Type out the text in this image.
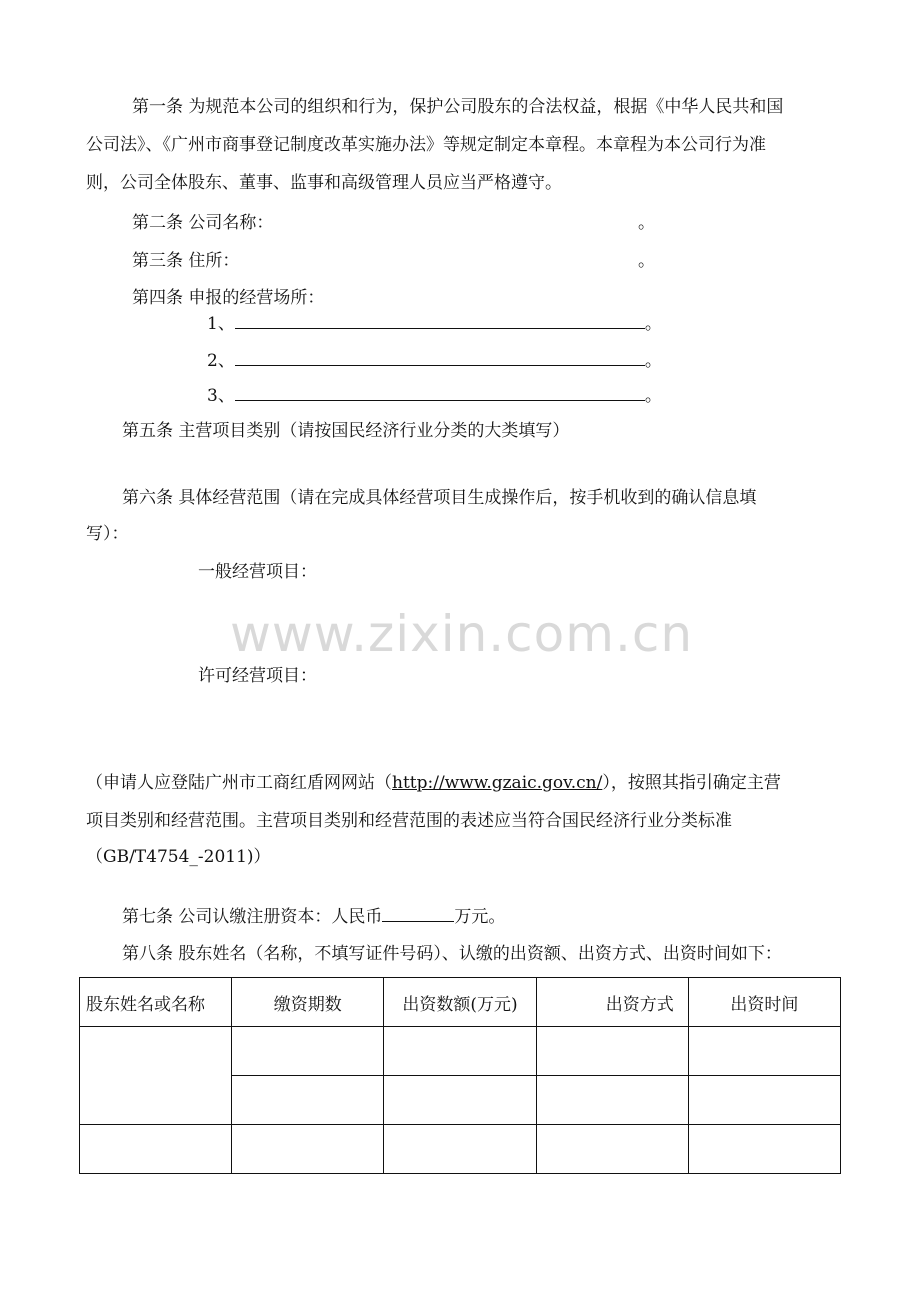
第一条 为规范本公司的组织和行为，保护公司股东的合法权益，根据《中华人民共和国
公司法》、《广州市商事登记制度改革实施办法》等规定制定本章程。本章程为本公司行为准
则，公司全体股东、董事、监事和高级管理人员应当严格遵守。
第二条 公司名称：	。
第三条 住所：	。
第四条 申报的经营场所：
1、	。
2、	。
3、	。
第五条 主营项目类别（请按国民经济行业分类的大类填写）
第六条 具体经营范围（请在完成具体经营项目生成操作后，按手机收到的确认信息填
写）：
一般经营项目：
www.zixin.com.cn
许可经营项目：
（申请人应登陆广州市工商红盾网网站（http://www.gzaic.gov.cn/），按照其指引确定主营
项目类别和经营范围。主营项目类别和经营范围的表述应当符合国民经济行业分类标准
（GB/T4754_-2011)）
第七条 公司认缴注册资本：人民币	万元。
第八条 股东姓名（名称，不填写证件号码）、认缴的出资额、出资方式、出资时间如下：
股东姓名或名称	缴资期数	出资数额(万元)	出资方式	出资时间
